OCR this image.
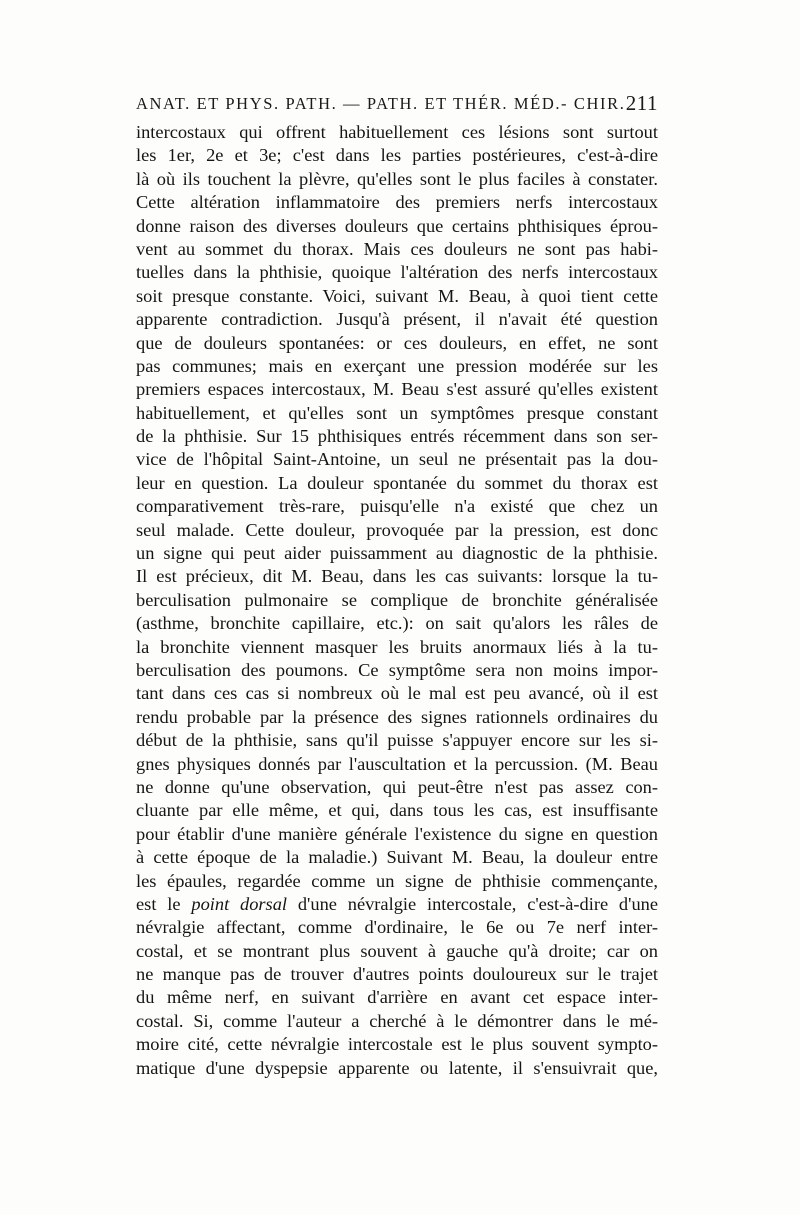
ANAT. ET PHYS. PATH. — PATH. ET THÉR. MÉD.- CHIR. 211
intercostaux qui offrent habituellement ces lésions sont surtout
les 1er, 2e et 3e; c'est dans les parties postérieures, c'est-à-dire
là où ils touchent la plèvre, qu'elles sont le plus faciles à constater.
Cette altération inflammatoire des premiers nerfs intercostaux
donne raison des diverses douleurs que certains phthisiques éprou-
vent au sommet du thorax. Mais ces douleurs ne sont pas habi-
tuelles dans la phthisie, quoique l'altération des nerfs intercostaux
soit presque constante. Voici, suivant M. Beau, à quoi tient cette
apparente contradiction. Jusqu'à présent, il n'avait été question
que de douleurs spontanées: or ces douleurs, en effet, ne sont
pas communes; mais en exerçant une pression modérée sur les
premiers espaces intercostaux, M. Beau s'est assuré qu'elles existent
habituellement, et qu'elles sont un symptômes presque constant
de la phthisie. Sur 15 phthisiques entrés récemment dans son ser-
vice de l'hôpital Saint-Antoine, un seul ne présentait pas la dou-
leur en question. La douleur spontanée du sommet du thorax est
comparativement très-rare, puisqu'elle n'a existé que chez un
seul malade. Cette douleur, provoquée par la pression, est donc
un signe qui peut aider puissamment au diagnostic de la phthisie.
Il est précieux, dit M. Beau, dans les cas suivants: lorsque la tu-
berculisation pulmonaire se complique de bronchite généralisée
(asthme, bronchite capillaire, etc.): on sait qu'alors les râles de
la bronchite viennent masquer les bruits anormaux liés à la tu-
berculisation des poumons. Ce symptôme sera non moins impor-
tant dans ces cas si nombreux où le mal est peu avancé, où il est
rendu probable par la présence des signes rationnels ordinaires du
début de la phthisie, sans qu'il puisse s'appuyer encore sur les si-
gnes physiques donnés par l'auscultation et la percussion. (M. Beau
ne donne qu'une observation, qui peut-être n'est pas assez con-
cluante par elle même, et qui, dans tous les cas, est insuffisante
pour établir d'une manière générale l'existence du signe en question
à cette époque de la maladie.) Suivant M. Beau, la douleur entre
les épaules, regardée comme un signe de phthisie commençante,
est le point dorsal d'une névralgie intercostale, c'est-à-dire d'une
névralgie affectant, comme d'ordinaire, le 6e ou 7e nerf inter-
costal, et se montrant plus souvent à gauche qu'à droite; car on
ne manque pas de trouver d'autres points douloureux sur le trajet
du même nerf, en suivant d'arrière en avant cet espace inter-
costal. Si, comme l'auteur a cherché à le démontrer dans le mé-
moire cité, cette névralgie intercostale est le plus souvent sympto-
matique d'une dyspepsie apparente ou latente, il s'ensuivrait que,
